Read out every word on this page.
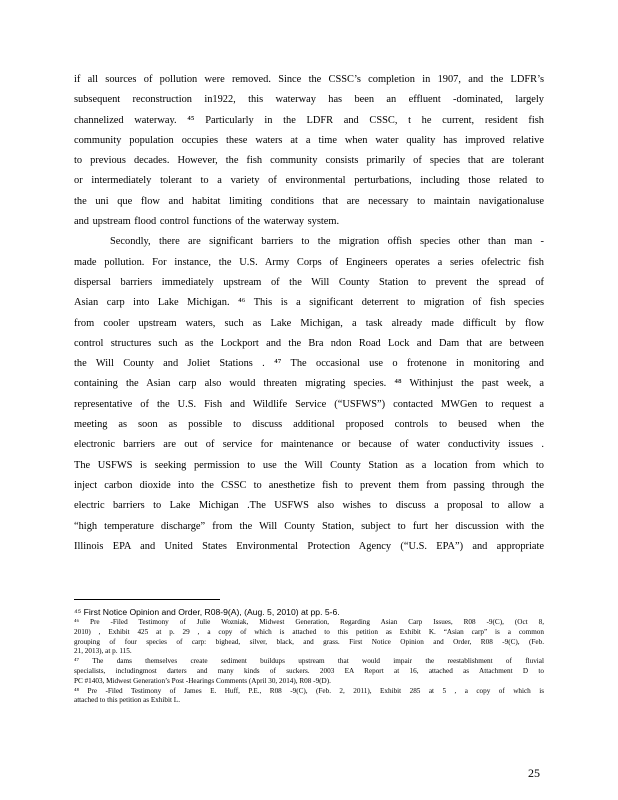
if all sources of pollution were removed. Since the CSSC’s completion in 1907, and the LDFR’s
subsequent reconstruction in1922, this waterway has been an effluent -dominated, largely
channelized waterway. ⁴⁵ Particularly in the LDFR and CSSC, t he current, resident fish
community population occupies these waters at a time when water quality has improved relative
to previous decades. However, the fish community consists primarily of species that are tolerant
or intermediately tolerant to a variety of environmental perturbations, including those related to
the uni que flow and habitat limiting conditions that are necessary to maintain navigationaluse
and upstream flood control functions of the waterway system.
Secondly, there are significant barriers to the migration offish species other than man -
made pollution. For instance, the U.S. Army Corps of Engineers operates a series ofelectric fish
dispersal barriers immediately upstream of the Will County Station to prevent the spread of
Asian carp into Lake Michigan. ⁴⁶ This is a significant deterrent to migration of fish species
from cooler upstream waters, such as Lake Michigan, a task already made difficult by flow
control structures such as the Lockport and the Bra ndon Road Lock and Dam that are between
the Will County and Joliet Stations . ⁴⁷ The occasional use o frotenone in monitoring and
containing the Asian carp also would threaten migrating species. ⁴⁸ Withinjust the past week, a
representative of the U.S. Fish and Wildlife Service (“USFWS”) contacted MWGen to request a
meeting as soon as possible to discuss additional proposed controls to beused when the
electronic barriers are out of service for maintenance or because of water conductivity issues .
The USFWS is seeking permission to use the Will County Station as a location from which to
inject carbon dioxide into the CSSC to anesthetize fish to prevent them from passing through the
electric barriers to Lake Michigan .The USFWS also wishes to discuss a proposal to allow a
“high temperature discharge” from the Will County Station, subject to furt her discussion with the
Illinois EPA and United States Environmental Protection Agency (“U.S. EPA”) and appropriate
⁴⁵ First Notice Opinion and Order, R08-9(A), (Aug. 5, 2010) at pp. 5-6.
⁴⁶ Pre -Filed Testimony of Julie Wozniak, Midwest Generation, Regarding Asian Carp Issues, R08 -9(C), (Oct 8,
2010) , Exhibit 425 at p. 29 , a copy of which is attached to this petition as Exhibit K. “Asian carp” is a common
grouping of four species of carp: bighead, silver, black, and grass. First Notice Opinion and Order, R08 -9(C), (Feb.
21, 2013), at p. 115.
⁴⁷ The dams themselves create sediment buildups upstream that would impair the reestablishment of fluvial
specialists, includingmost darters and many kinds of suckers. 2003 EA Report at 16, attached as Attachment D to
PC #1403, Midwest Generation’s Post -Hearings Comments (April 30, 2014), R08 -9(D).
⁴⁸ Pre -Filed Testimony of James E. Huff, P.E., R08 -9(C), (Feb. 2, 2011), Exhibit 285 at 5 , a copy of which is
attached to this petition as Exhibit L.
25
